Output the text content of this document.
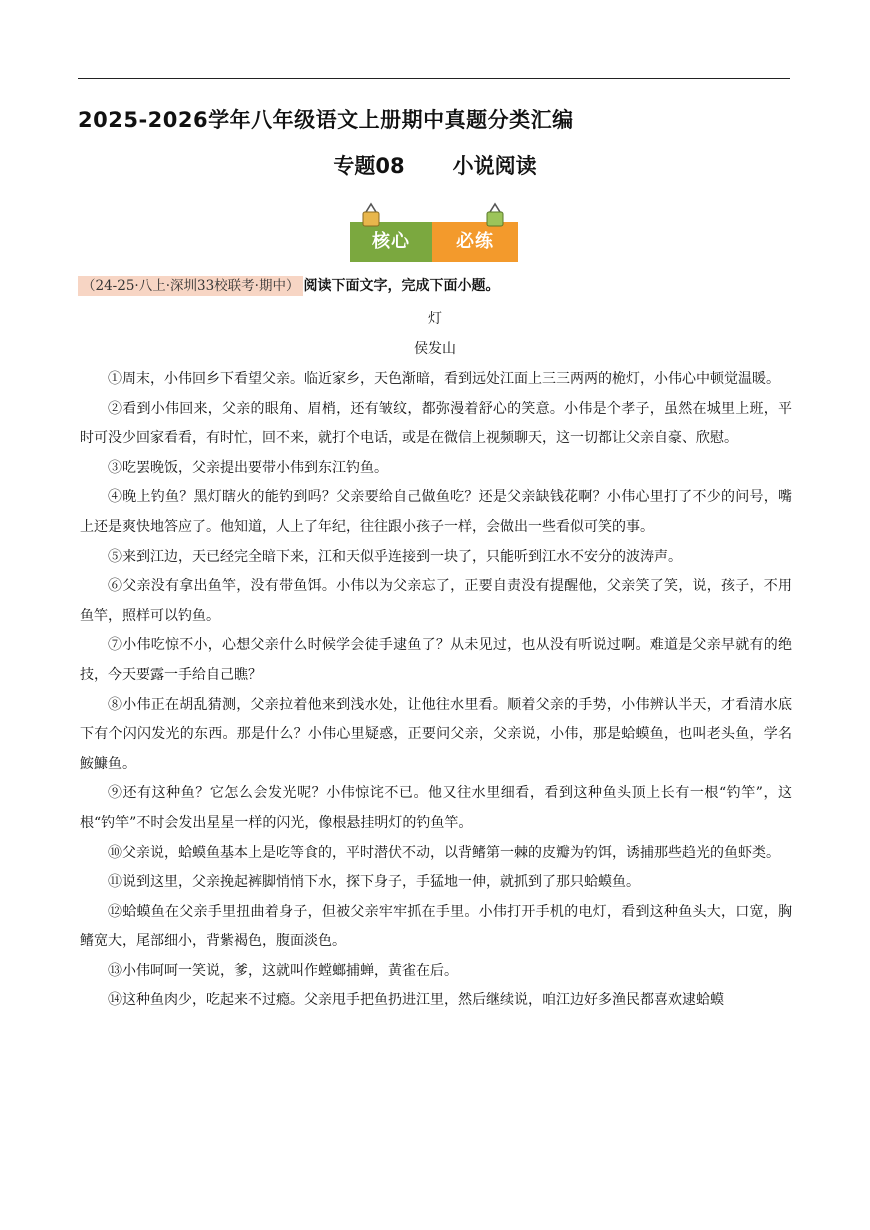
2025-2026学年八年级语文上册期中真题分类汇编
专题08 小说阅读
核心	必练
（24-25·八上·深圳33校联考·期中） 阅读下面文字，完成下面小题。
灯
侯发山

①周末，小伟回乡下看望父亲。临近家乡，天色渐暗，看到远处江面上三三两两的桅灯，小伟心中顿觉温暖。

②看到小伟回来，父亲的眼角、眉梢，还有皱纹，都弥漫着舒心的笑意。小伟是个孝子，虽然在城里上班，平时可没少回家看看，有时忙，回不来，就打个电话，或是在微信上视频聊天，这一切都让父亲自豪、欣慰。

③吃罢晚饭，父亲提出要带小伟到东江钓鱼。

④晚上钓鱼？黑灯瞎火的能钓到吗？父亲要给自己做鱼吃？还是父亲缺钱花啊？小伟心里打了不少的问号，嘴上还是爽快地答应了。他知道，人上了年纪，往往跟小孩子一样，会做出一些看似可笑的事。

⑤来到江边，天已经完全暗下来，江和天似乎连接到一块了，只能听到江水不安分的波涛声。

⑥父亲没有拿出鱼竿，没有带鱼饵。小伟以为父亲忘了，正要自责没有提醒他，父亲笑了笑，说，孩子，不用鱼竿，照样可以钓鱼。

⑦小伟吃惊不小，心想父亲什么时候学会徒手逮鱼了？从未见过，也从没有听说过啊。难道是父亲早就有的绝技，今天要露一手给自己瞧？

⑧小伟正在胡乱猜测，父亲拉着他来到浅水处，让他往水里看。顺着父亲的手势，小伟辨认半天，才看清水底下有个闪闪发光的东西。那是什么？小伟心里疑惑，正要问父亲，父亲说，小伟，那是蛤蟆鱼，也叫老头鱼，学名鮟鱇鱼。

⑨还有这种鱼？它怎么会发光呢？小伟惊诧不已。他又往水里细看，看到这种鱼头顶上长有一根“钓竿”，这根“钓竿”不时会发出星星一样的闪光，像根悬挂明灯的钓鱼竿。

⑩父亲说，蛤蟆鱼基本上是吃等食的，平时潜伏不动，以背鳍第一棘的皮瓣为钓饵，诱捕那些趋光的鱼虾类。

⑪说到这里，父亲挽起裤脚悄悄下水，探下身子，手猛地一伸，就抓到了那只蛤蟆鱼。

⑫蛤蟆鱼在父亲手里扭曲着身子，但被父亲牢牢抓在手里。小伟打开手机的电灯，看到这种鱼头大，口宽，胸鳍宽大，尾部细小，背紫褐色，腹面淡色。

⑬小伟呵呵一笑说，爹，这就叫作螳螂捕蝉，黄雀在后。

⑭这种鱼肉少，吃起来不过瘾。父亲甩手把鱼扔进江里，然后继续说，咱江边好多渔民都喜欢逮蛤蟆
